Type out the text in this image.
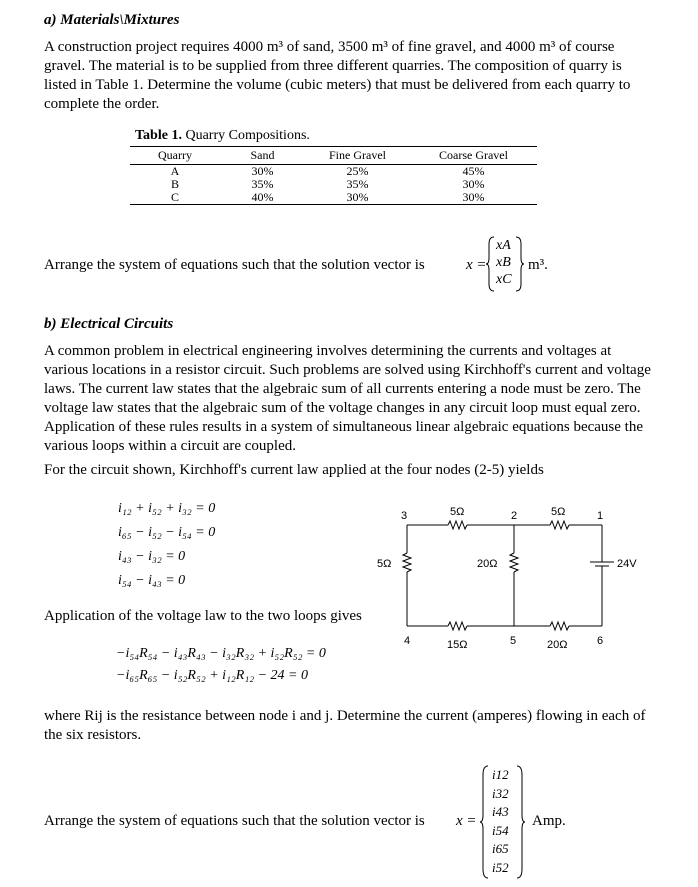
a) Materials\Mixtures
A construction project requires 4000 m³ of sand, 3500 m³ of fine gravel, and 4000 m³ of course gravel. The material is to be supplied from three different quarries. The composition of quarry is listed in Table 1. Determine the volume (cubic meters) that must be delivered from each quarry to complete the order.
Table 1. Quarry Compositions.
Quarry	Sand	Fine Gravel	Coarse Gravel
A	30%	25%	45%
B	35%	35%	30%
C	40%	30%	30%
Arrange the system of equations such that the solution vector is	x =
xA
xB
xC
m³.
b) Electrical Circuits
A common problem in electrical engineering involves determining the currents and voltages at various locations in a resistor circuit. Such problems are solved using Kirchhoff's current and voltage laws. The current law states that the algebraic sum of all currents entering a node must be zero. The voltage law states that the algebraic sum of the voltage changes in any circuit loop must equal zero. Application of these rules results in a system of simultaneous linear algebraic equations because the various loops within a circuit are coupled.
For the circuit shown, Kirchhoff's current law applied at the four nodes (2-5) yields
i₁₂ + i₅₂ + i₃₂ = 0
i₆₅ − i₅₂ − i₅₄ = 0
i₄₃ − i₃₂ = 0
i₅₄ − i₄₃ = 0
Application of the voltage law to the two loops gives
−i₅₄R₅₄ − i₄₃R₄₃ − i₃₂R₃₂ + i₅₂R₅₂ = 0
−i₆₅R₆₅ − i₅₂R₅₂ + i₁₂R₁₂ − 24 = 0
3	2	1
4	5	6
5Ω	5Ω
5Ω	20Ω	24V
15Ω	20Ω
where Rij is the resistance between node i and j. Determine the current (amperes) flowing in each of the six resistors.
Arrange the system of equations such that the solution vector is x =
i12
i32
i43
i54
i65
i52
Amp.
